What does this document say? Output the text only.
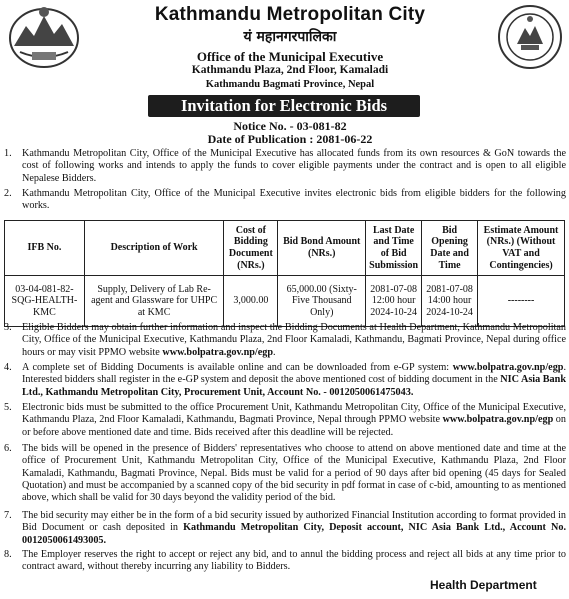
Kathmandu Metropolitan City
यं महानगरपालिका
Office of the Municipal Executive
Kathmandu Plaza, 2nd Floor, Kamaladi
Kathmandu Bagmati Province, Nepal
Invitation for Electronic Bids
Notice No. - 03-081-82
Date of Publication : 2081-06-22
1. Kathmandu Metropolitan City, Office of the Municipal Executive has allocated funds from its own resources & GoN towards the cost of following works and intends to apply the funds to cover eligible payments under the contract and is open to all eligible Nepalese Bidders.
2. Kathmandu Metropolitan City, Office of the Municipal Executive invites electronic bids from eligible bidders for the following works.
IFB No.	Description of Work	Cost of Bidding Document (NRs.)	Bid Bond Amount (NRs.)	Last Date and Time of Bid Submission	Bid Opening Date and Time	Estimate Amount (NRs.) (Without VAT and Contingencies)
03-04-081-82-SQG-HEALTH-KMC	Supply, Delivery of Lab Re-agent and Glassware for UHPC at KMC	3,000.00	65,000.00 (Sixty-Five Thousand Only)	2081-07-08 12:00 hour 2024-10-24	2081-07-08 14:00 hour 2024-10-24	--------
3. Eligible Bidders may obtain further information and inspect the Bidding Documents at Health Department, Kathmandu Metropolitan City, Office of the Municipal Executive, Kathmandu Plaza, 2nd Floor Kamaladi, Kathmandu, Bagmati Province, Nepal during office hours or may visit PPMO website www.bolpatra.gov.np/egp.
4. A complete set of Bidding Documents is available online and can be downloaded from e-GP system: www.bolpatra.gov.np/egp. Interested bidders shall register in the e-GP system and deposit the above mentioned cost of bidding document in the NIC Asia Bank Ltd., Kathmandu Metropolitan City, Procurement Unit, Account No. - 0012050061475043.
5. Electronic bids must be submitted to the office Procurement Unit, Kathmandu Metropolitan City, Office of the Municipal Executive, Kathmandu Plaza, 2nd Floor Kamaladi, Kathmandu, Bagmati Province, Nepal through PPMO website www.bolpatra.gov.np/egp on or before above mentioned date and time. Bids received after this deadline will be rejected.
6. The bids will be opened in the presence of Bidders' representatives who choose to attend on above mentioned date and time at the office of Procurement Unit, Kathmandu Metropolitan City, Office of the Municipal Executive, Kathmandu Plaza, 2nd Floor Kamaladi, Kathmandu, Bagmati Province, Nepal. Bids must be valid for a period of 90 days after bid opening (45 days for Sealed Quotation) and must be accompanied by a scanned copy of the bid security in pdf format in case of c-bid, amounting to as mentioned above, which shall be valid for 30 days beyond the validity period of the bid.
7. The bid security may either be in the form of a bid security issued by authorized Financial Institution according to format provided in Bid Document or cash deposited in Kathmandu Metropolitan City, Deposit account, NIC Asia Bank Ltd., Account No. 0012050061493005.
8. The Employer reserves the right to accept or reject any bid, and to annul the bidding process and reject all bids at any time prior to contract award, without thereby incurring any liability to Bidders.
Health Department
